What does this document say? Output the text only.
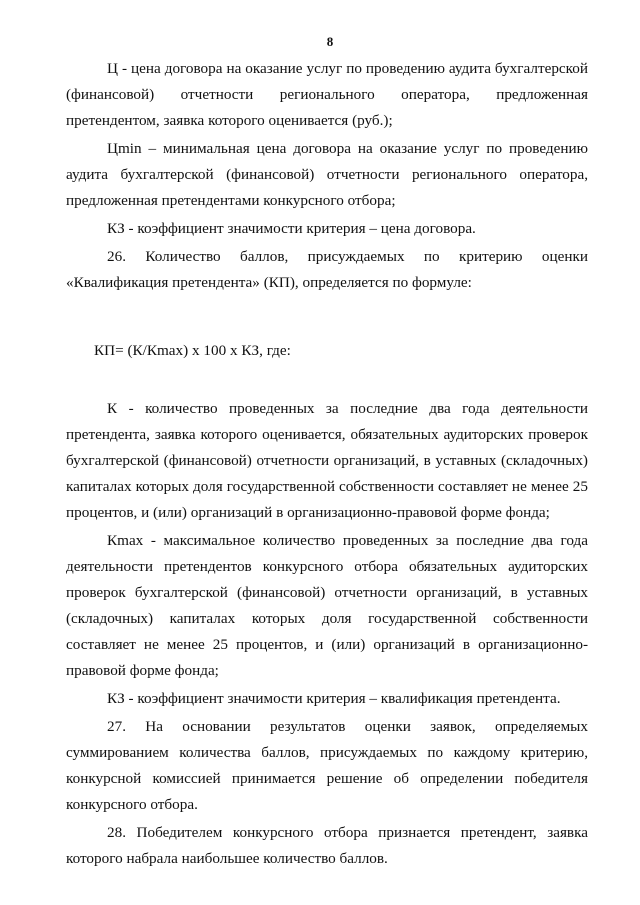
8

Ц - цена договора на оказание услуг по проведению аудита бухгалтерской (финансовой) отчетности регионального оператора, предложенная претендентом, заявка которого оценивается (руб.);

Цmin – минимальная цена договора на оказание услуг по проведению аудита бухгалтерской (финансовой) отчетности регионального оператора, предложенная претендентами конкурсного отбора;

КЗ - коэффициент значимости критерия – цена договора.

26. Количество баллов, присуждаемых по критерию оценки «Квалификация претендента» (КП), определяется по формуле:

КП= (К/Кmax) х 100 х КЗ, где:

К - количество проведенных за последние два года деятельности претендента, заявка которого оценивается, обязательных аудиторских проверок бухгалтерской (финансовой) отчетности организаций, в уставных (складочных) капиталах которых доля государственной собственности составляет не менее 25 процентов, и (или) организаций в организационно-правовой форме фонда;

Кmax - максимальное количество проведенных за последние два года деятельности претендентов конкурсного отбора обязательных аудиторских проверок бухгалтерской (финансовой) отчетности организаций, в уставных (складочных) капиталах которых доля государственной собственности составляет не менее 25 процентов, и (или) организаций в организационно-правовой форме фонда;

КЗ - коэффициент значимости критерия – квалификация претендента.

27. На основании результатов оценки заявок, определяемых суммированием количества баллов, присуждаемых по каждому критерию, конкурсной комиссией принимается решение об определении победителя конкурсного отбора.

28. Победителем конкурсного отбора признается претендент, заявка которого набрала наибольшее количество баллов.
